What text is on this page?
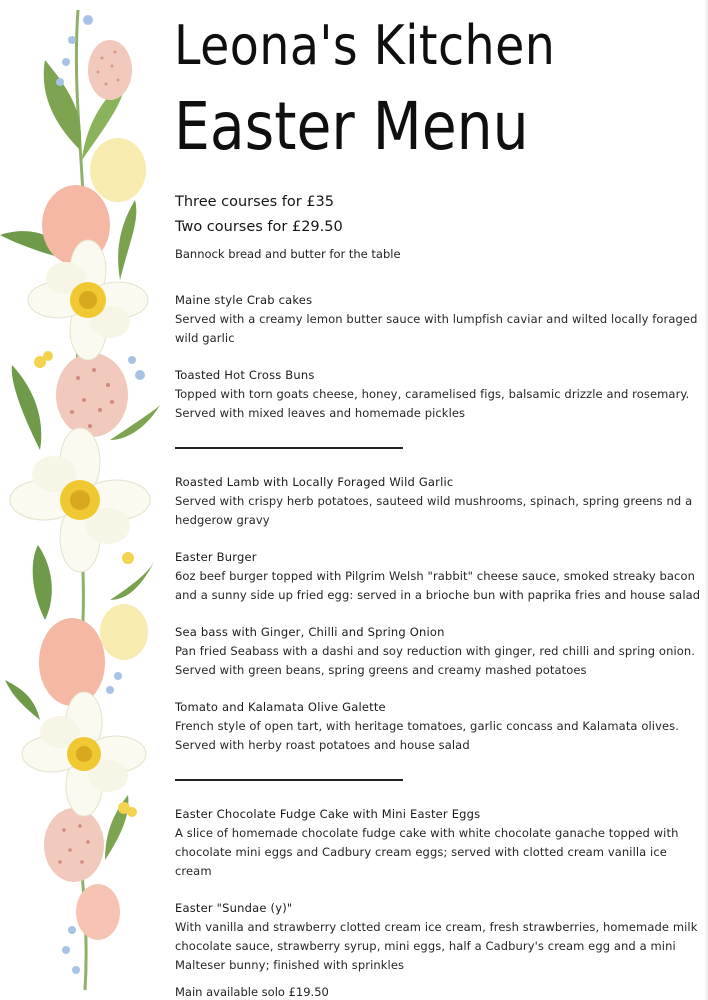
Leona's Kitchen
Easter Menu

Three courses for £35

Two courses for £29.50

Bannock bread and butter for the table

Maine style Crab cakes

Served with a creamy lemon butter sauce with lumpfish caviar and wilted locally foraged wild garlic

Toasted Hot Cross Buns

Topped with torn goats cheese, honey, caramelised figs, balsamic drizzle and rosemary. Served with mixed leaves and homemade pickles

Roasted Lamb with Locally Foraged Wild Garlic

Served with crispy herb potatoes, sauteed wild mushrooms, spinach, spring greens nd a hedgerow gravy

Easter Burger

6oz beef burger topped with Pilgrim Welsh "rabbit" cheese sauce, smoked streaky bacon and a sunny side up fried egg: served in a brioche bun with paprika fries and house salad

Sea bass with Ginger, Chilli and Spring Onion

Pan fried Seabass with a dashi and soy reduction with ginger, red chilli and spring onion. Served with green beans, spring greens and creamy mashed potatoes

Tomato and Kalamata Olive Galette

French style of open tart, with heritage tomatoes, garlic concass and Kalamata olives. Served with herby roast potatoes and house salad

Easter Chocolate Fudge Cake with Mini Easter Eggs

A slice of homemade chocolate fudge cake with white chocolate ganache topped with chocolate mini eggs and Cadbury cream eggs; served with clotted cream vanilla ice cream

Easter "Sundae (y)"

With vanilla and strawberry clotted cream ice cream, fresh strawberries, homemade milk chocolate sauce, strawberry syrup, mini eggs, half a Cadbury's cream egg and a mini Malteser bunny; finished with sprinkles

Main available solo £19.50
